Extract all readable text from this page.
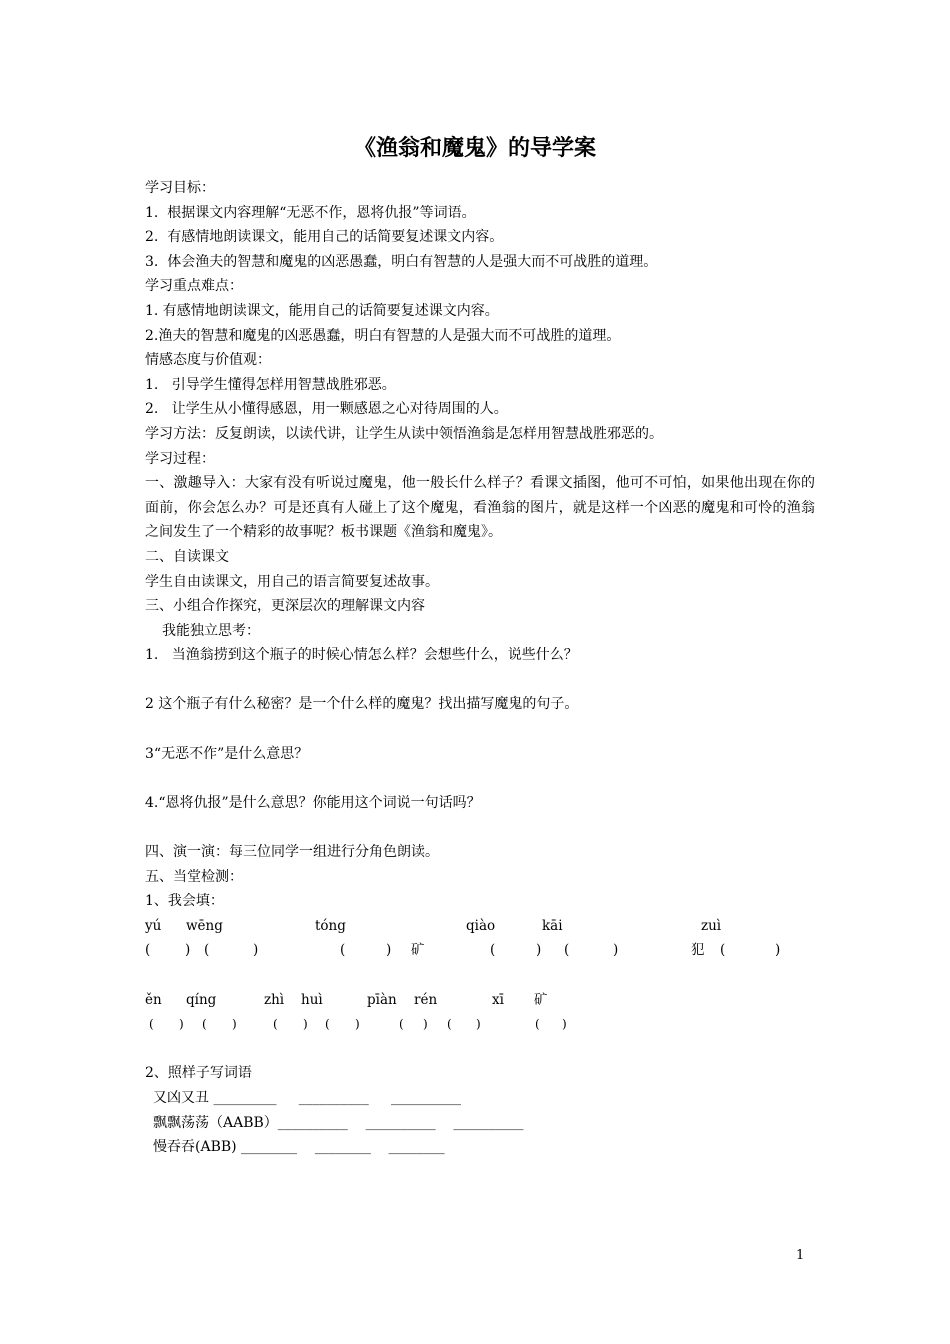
《渔翁和魔鬼》的导学案
学习目标：
1.  根据课文内容理解“无恶不作，恩将仇报”等词语。
2.  有感情地朗读课文，能用自己的话简要复述课文内容。
3.  体会渔夫的智慧和魔鬼的凶恶愚蠢，明白有智慧的人是强大而不可战胜的道理。
学习重点难点：
1. 有感情地朗读课文，能用自己的话简要复述课文内容。
2.渔夫的智慧和魔鬼的凶恶愚蠢，明白有智慧的人是强大而不可战胜的道理。
情感态度与价值观：
1.   引导学生懂得怎样用智慧战胜邪恶。
2.   让学生从小懂得感恩，用一颗感恩之心对待周围的人。
学习方法：反复朗读，以读代讲，让学生从读中领悟渔翁是怎样用智慧战胜邪恶的。
学习过程：
一、激趣导入：大家有没有听说过魔鬼，他一般长什么样子？看课文插图，他可不可怕，如果他出现在你的面前，你会怎么办？可是还真有人碰上了这个魔鬼，看渔翁的图片，就是这样一个凶恶的魔鬼和可怜的渔翁之间发生了一个精彩的故事呢？板书课题《渔翁和魔鬼》。
二、自读课文
学生自由读课文，用自己的语言简要复述故事。
三、小组合作探究，更深层次的理解课文内容
我能独立思考：
1.   当渔翁捞到这个瓶子的时候心情怎么样？会想些什么，说些什么？
2 这个瓶子有什么秘密？是一个什么样的魔鬼？找出描写魔鬼的句子。
3“无恶不作”是什么意思？
4.“恩将仇报”是什么意思？你能用这个词说一句话吗？
四、演一演：每三位同学一组进行分角色朗读。
五、当堂检测：
1、我会填：
yú wēng	tóng	qiào	kāi	zuì
(	) (	)	(	) 矿	(	) (	)	犯 (	)
ěn qíng	zhì huì	pīàn rén	xī 矿
( ) ( )	( ) ( )	( ) ( )	( )
2、照样子写词语
又凶又丑 _________     __________     __________
飘飘荡荡（AABB）__________    __________    __________
慢吞吞(ABB) ________    ________    ________
1
